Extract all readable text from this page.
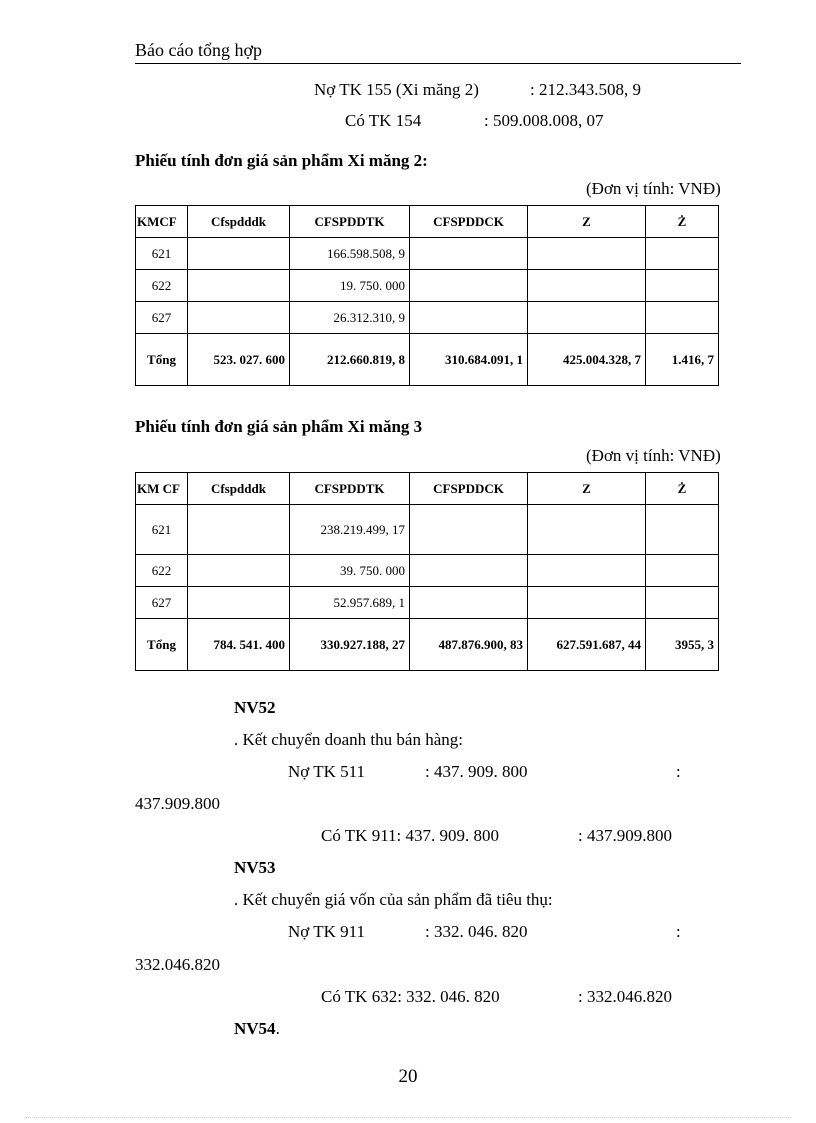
Báo cáo tổng hợp
Nợ TK 155 (Xi măng 2)	: 212.343.508, 9
Có TK 154	: 509.008.008, 07
Phiếu tính đơn giá sản phẩm Xi măng 2:
(Đơn vị tính: VNĐ)
KMCF	Cfspdddk	CFSPDDTK	CFSPDDCK	Z	Ż
621		166.598.508, 9			
622		19. 750. 000			
627		26.312.310, 9			
Tổng	523. 027. 600	212.660.819, 8	310.684.091, 1	425.004.328, 7	1.416, 7
Phiếu tính đơn giá sản phẩm Xi măng 3
(Đơn vị tính: VNĐ)
KM CF	Cfspdddk	CFSPDDTK	CFSPDDCK	Z	Ż
621		238.219.499, 17			
622		39. 750. 000			
627		52.957.689, 1			
Tổng	784. 541. 400	330.927.188, 27	487.876.900, 83	627.591.687, 44	3955, 3
NV52
. Kết chuyển doanh thu bán hàng:
Nợ TK 511	: 437. 909. 800	:
437.909.800
Có TK 911: 437. 909. 800	: 437.909.800
NV53
. Kết chuyển giá vốn của sản phẩm đã tiêu thụ:
Nợ TK 911	: 332. 046. 820	:
332.046.820
Có TK 632: 332. 046. 820	: 332.046.820
NV54.
20
